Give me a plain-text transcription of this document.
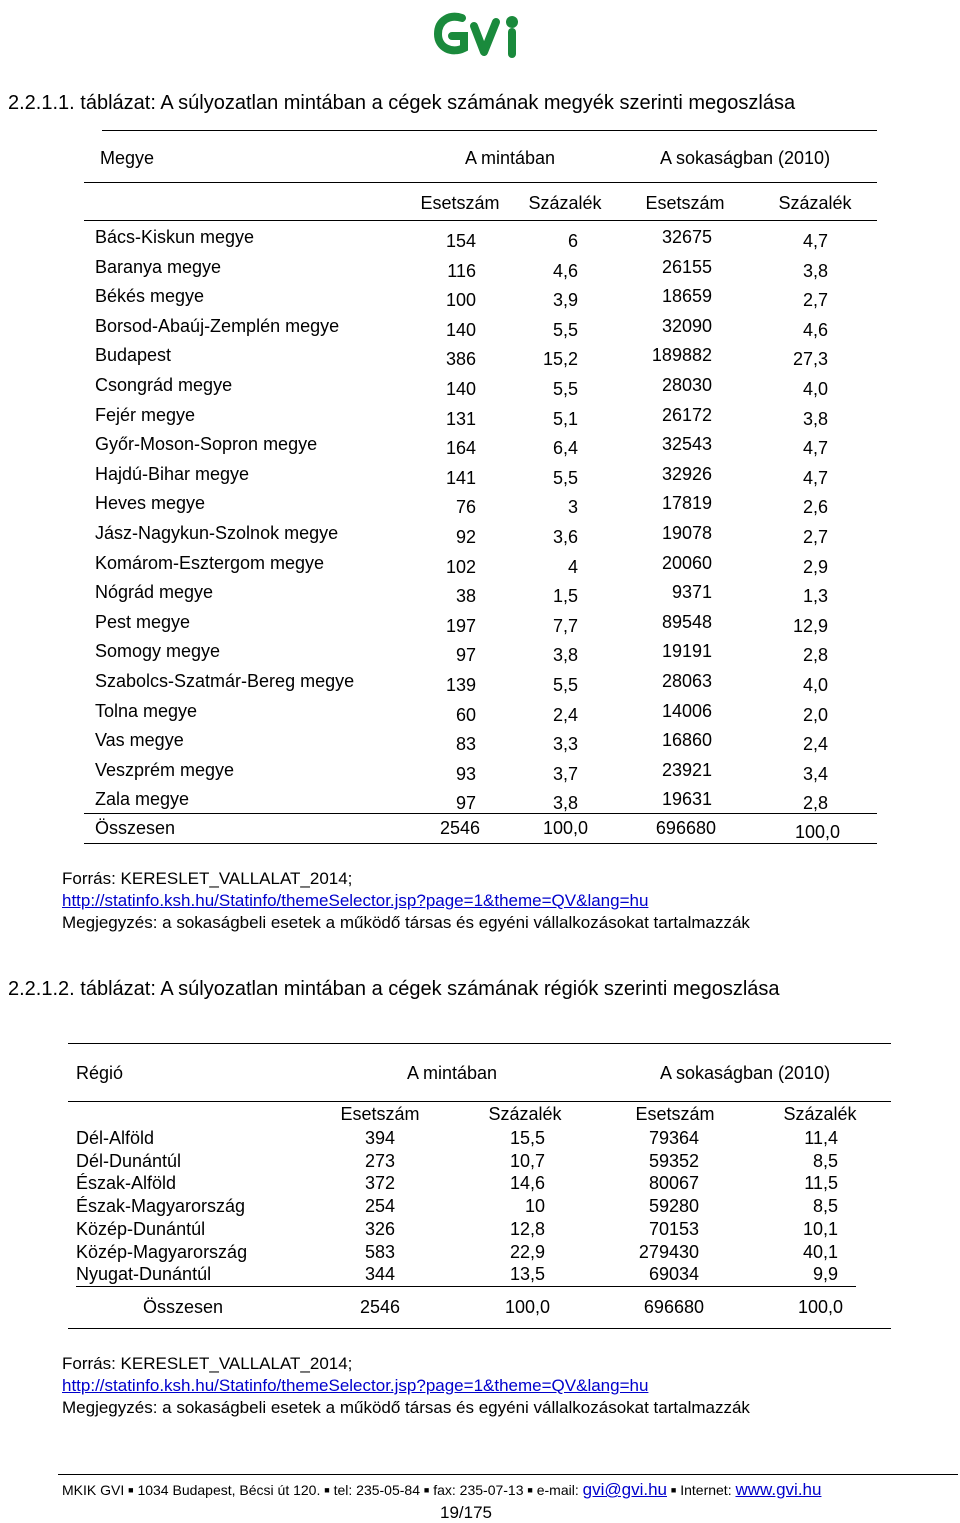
2.2.1.1. táblázat: A súlyozatlan mintában a cégek számának megyék szerinti megoszlása
Megye	A mintában	A sokaságban (2010)
Esetszám	Százalék	Esetszám	Százalék
Bács-Kiskun megye	154	6	32675	4,7
Baranya megye	116	4,6	26155	3,8
Békés megye	100	3,9	18659	2,7
Borsod-Abaúj-Zemplén megye	140	5,5	32090	4,6
Budapest	386	15,2	189882	27,3
Csongrád megye	140	5,5	28030	4,0
Fejér megye	131	5,1	26172	3,8
Győr-Moson-Sopron megye	164	6,4	32543	4,7
Hajdú-Bihar megye	141	5,5	32926	4,7
Heves megye	76	3	17819	2,6
Jász-Nagykun-Szolnok megye	92	3,6	19078	2,7
Komárom-Esztergom megye	102	4	20060	2,9
Nógrád megye	38	1,5	9371	1,3
Pest megye	197	7,7	89548	12,9
Somogy megye	97	3,8	19191	2,8
Szabolcs-Szatmár-Bereg megye	139	5,5	28063	4,0
Tolna megye	60	2,4	14006	2,0
Vas megye	83	3,3	16860	2,4
Veszprém megye	93	3,7	23921	3,4
Zala megye	97	3,8	19631	2,8
Összesen	2546	100,0	696680	100,0
Forrás: KERESLET_VALLALAT_2014;
http://statinfo.ksh.hu/Statinfo/themeSelector.jsp?page=1&theme=QV&lang=hu
Megjegyzés: a sokaságbeli esetek a működő társas és egyéni vállalkozásokat tartalmazzák
2.2.1.2. táblázat: A súlyozatlan mintában a cégek számának régiók szerinti megoszlása
Régió	A mintában	A sokaságban (2010)
Esetszám	Százalék	Esetszám	Százalék
Dél-Alföld	394	15,5	79364	11,4
Dél-Dunántúl	273	10,7	59352	8,5
Észak-Alföld	372	14,6	80067	11,5
Észak-Magyarország	254	10	59280	8,5
Közép-Dunántúl	326	12,8	70153	10,1
Közép-Magyarország	583	22,9	279430	40,1
Nyugat-Dunántúl	344	13,5	69034	9,9
Összesen	2546	100,0	696680	100,0
Forrás: KERESLET_VALLALAT_2014;
http://statinfo.ksh.hu/Statinfo/themeSelector.jsp?page=1&theme=QV&lang=hu
Megjegyzés: a sokaságbeli esetek a működő társas és egyéni vállalkozásokat tartalmazzák
MKIK GVI ■ 1034 Budapest, Bécsi út 120. ■ tel: 235-05-84 ■ fax: 235-07-13 ■ e-mail: gvi@gvi.hu ■ Internet: www.gvi.hu
19/175
